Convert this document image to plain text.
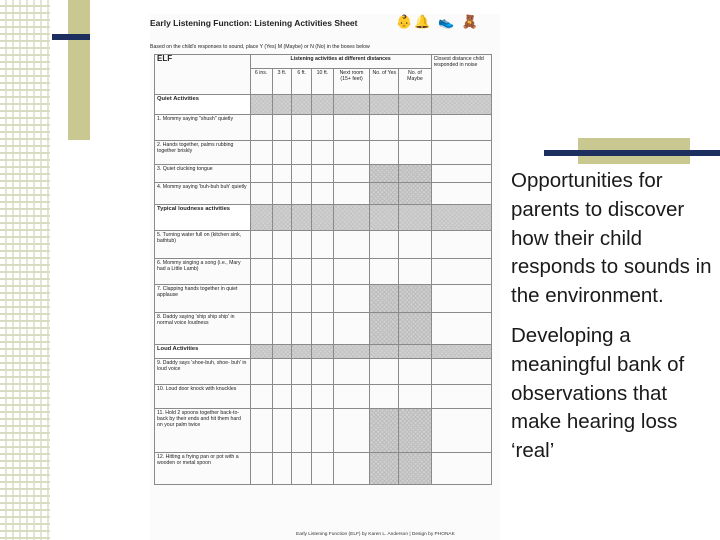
Early Listening Function: Listening Activities Sheet	👶🔔 👟 🧸
Based on the child's responses to sound, place Y (Yes) M (Maybe) or N (No) in the boxes below
ELF	Listening activities at different distances							Closest distance child responded in noise
	6 ins.	3 ft.	6 ft.	10 ft.	Next room (15+ feet)	No. of Yes	No. of Maybe	
Quiet Activities								
1. Mommy saying "shush" quietly								
2. Hands together, palms rubbing together briskly								
3. Quiet clucking tongue								
4. Mommy saying 'buh-buh buh' quietly								
Typical loudness activities								
5. Turning water full on (kitchen sink, bathtub)								
6. Mommy singing a song (i.e., Mary had a Little Lamb)								
7. Clapping hands together in quiet applause								
8. Daddy saying 'ship ship ship' in normal voice loudness								
Loud Activities								
9. Daddy says 'shoe-buh, shoe- buh' in loud voice								
10. Loud door knock with knuckles								
11. Hold 2 spoons together back-to-back by their ends and hit them hard on your palm twice								
12. Hitting a frying pan or pot with a wooden or metal spoon								
Early Listening Function (ELF) by Karen L. Anderson | Design by PHONAK

Opportunities for parents to discover how their child responds to sounds in the environment.

Developing a meaningful bank of observations that make hearing loss ‘real’
